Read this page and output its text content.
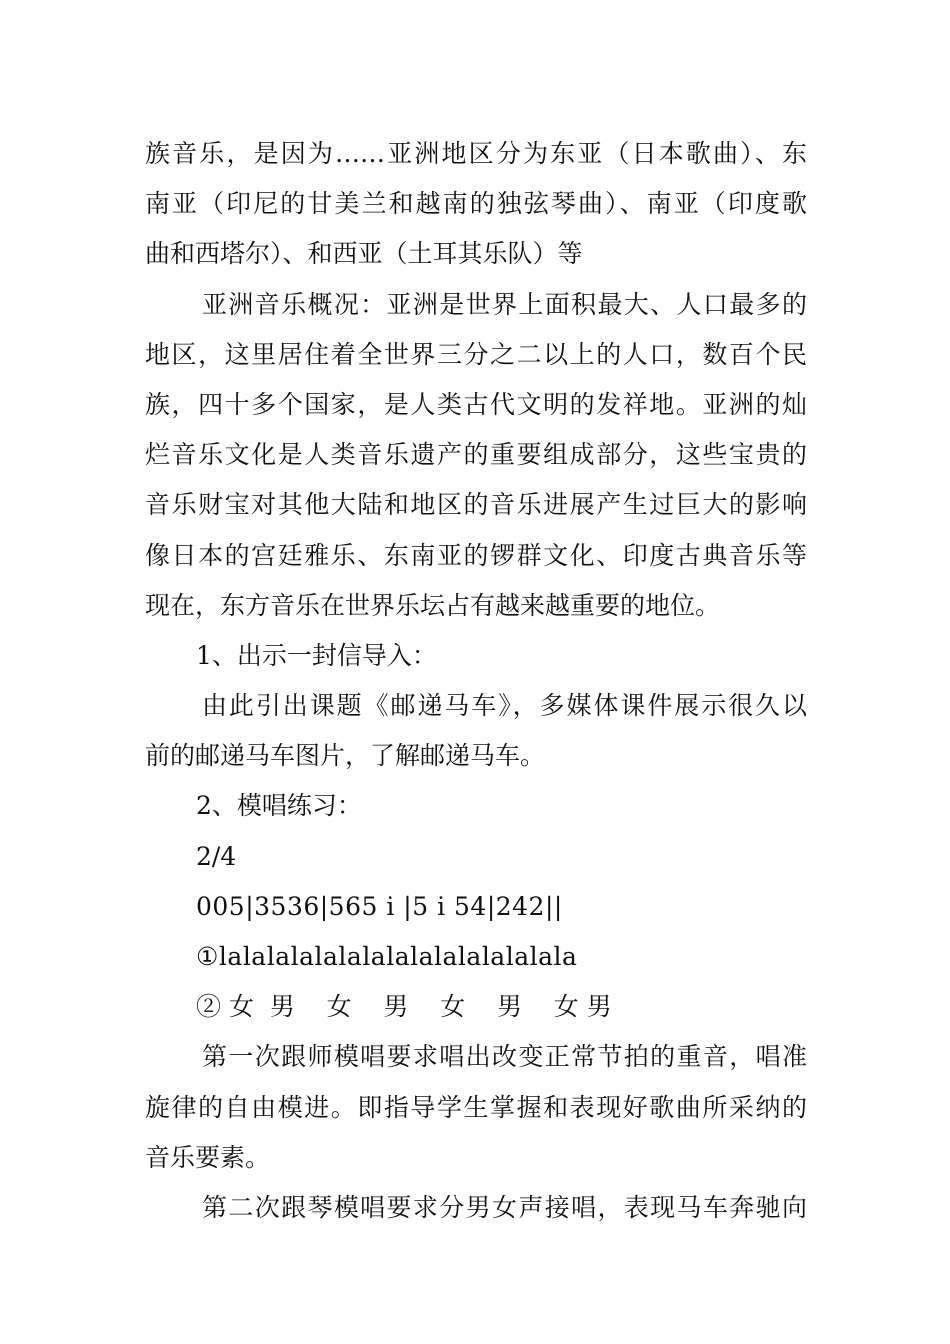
族音乐，是因为……亚洲地区分为东亚（日本歌曲）、东
南亚（印尼的甘美兰和越南的独弦琴曲）、南亚（印度歌
曲和西塔尔）、和西亚（土耳其乐队）等
亚洲音乐概况：亚洲是世界上面积最大、人口最多的
地区，这里居住着全世界三分之二以上的人口，数百个民
族，四十多个国家，是人类古代文明的发祥地。亚洲的灿
烂音乐文化是人类音乐遗产的重要组成部分，这些宝贵的
音乐财宝对其他大陆和地区的音乐进展产生过巨大的影响
像日本的宫廷雅乐、东南亚的锣群文化、印度古典音乐等
现在，东方音乐在世界乐坛占有越来越重要的地位。
1、出示一封信导入：
由此引出课题《邮递马车》，多媒体课件展示很久以
前的邮递马车图片，了解邮递马车。
2、模唱练习：
2/4
005|3536|565 i |5 i 54|242||
①lalalalalalalalalalalalalalala
② 女  男    女    男    女    男    女 男
第一次跟师模唱要求唱出改变正常节拍的重音，唱准
旋律的自由模进。即指导学生掌握和表现好歌曲所采纳的
音乐要素。
第二次跟琴模唱要求分男女声接唱，表现马车奔驰向
